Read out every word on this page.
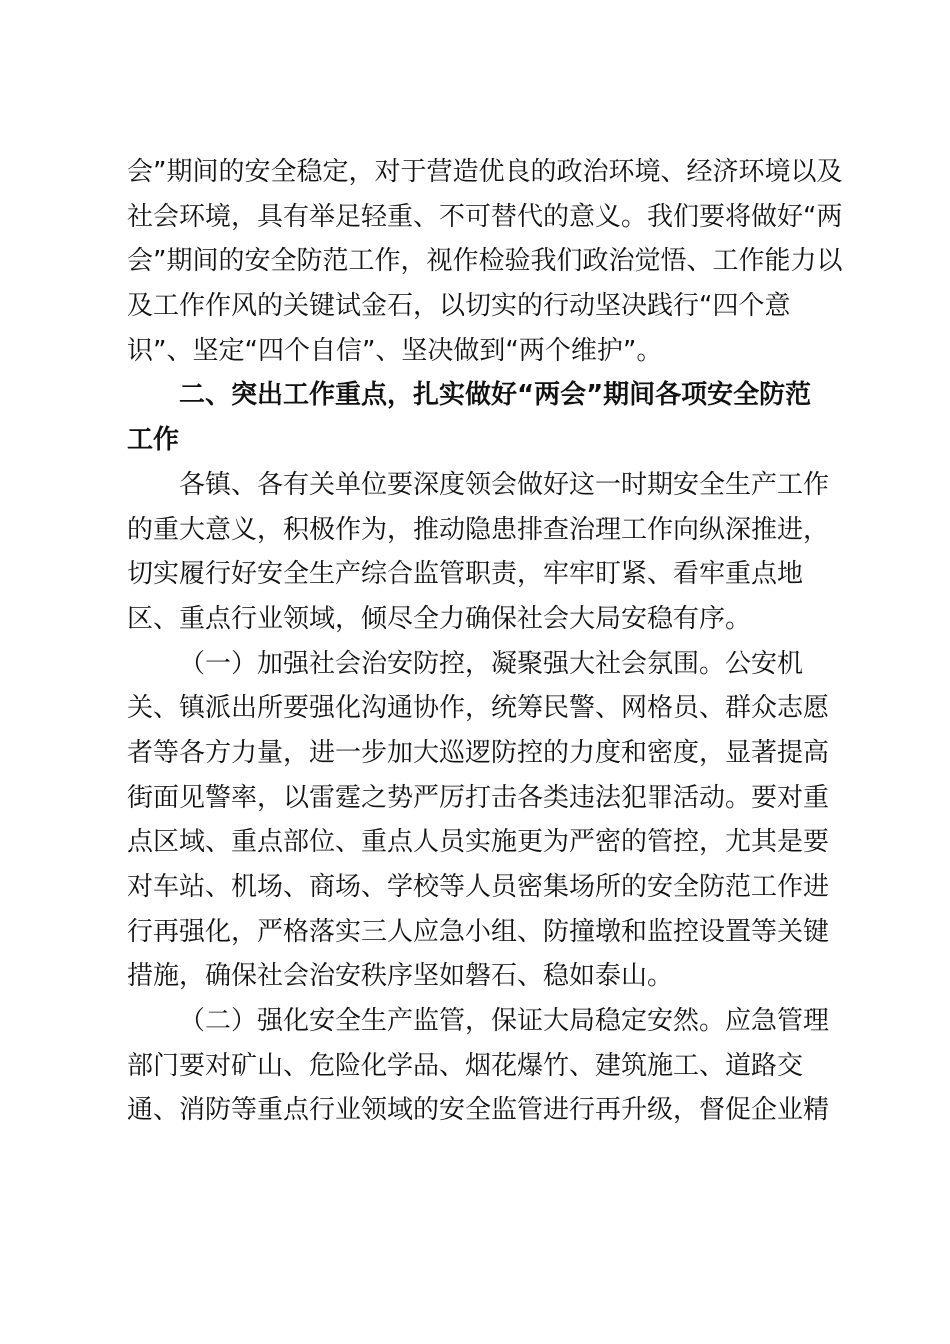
会”期间的安全稳定，对于营造优良的政治环境、经济环境以及
社会环境，具有举足轻重、不可替代的意义。我们要将做好“两
会”期间的安全防范工作，视作检验我们政治觉悟、工作能力以
及工作作风的关键试金石，以切实的行动坚决践行“四个意
识”、坚定“四个自信”、坚决做到“两个维护”。
二、突出工作重点，扎实做好“两会”期间各项安全防范
工作
各镇、各有关单位要深度领会做好这一时期安全生产工作
的重大意义，积极作为，推动隐患排查治理工作向纵深推进，
切实履行好安全生产综合监管职责，牢牢盯紧、看牢重点地
区、重点行业领域，倾尽全力确保社会大局安稳有序。
（一）加强社会治安防控，凝聚强大社会氛围。公安机
关、镇派出所要强化沟通协作，统筹民警、网格员、群众志愿
者等各方力量，进一步加大巡逻防控的力度和密度，显著提高
街面见警率，以雷霆之势严厉打击各类违法犯罪活动。要对重
点区域、重点部位、重点人员实施更为严密的管控，尤其是要
对车站、机场、商场、学校等人员密集场所的安全防范工作进
行再强化，严格落实三人应急小组、防撞墩和监控设置等关键
措施，确保社会治安秩序坚如磐石、稳如泰山。
（二）强化安全生产监管，保证大局稳定安然。应急管理
部门要对矿山、危险化学品、烟花爆竹、建筑施工、道路交
通、消防等重点行业领域的安全监管进行再升级，督促企业精
